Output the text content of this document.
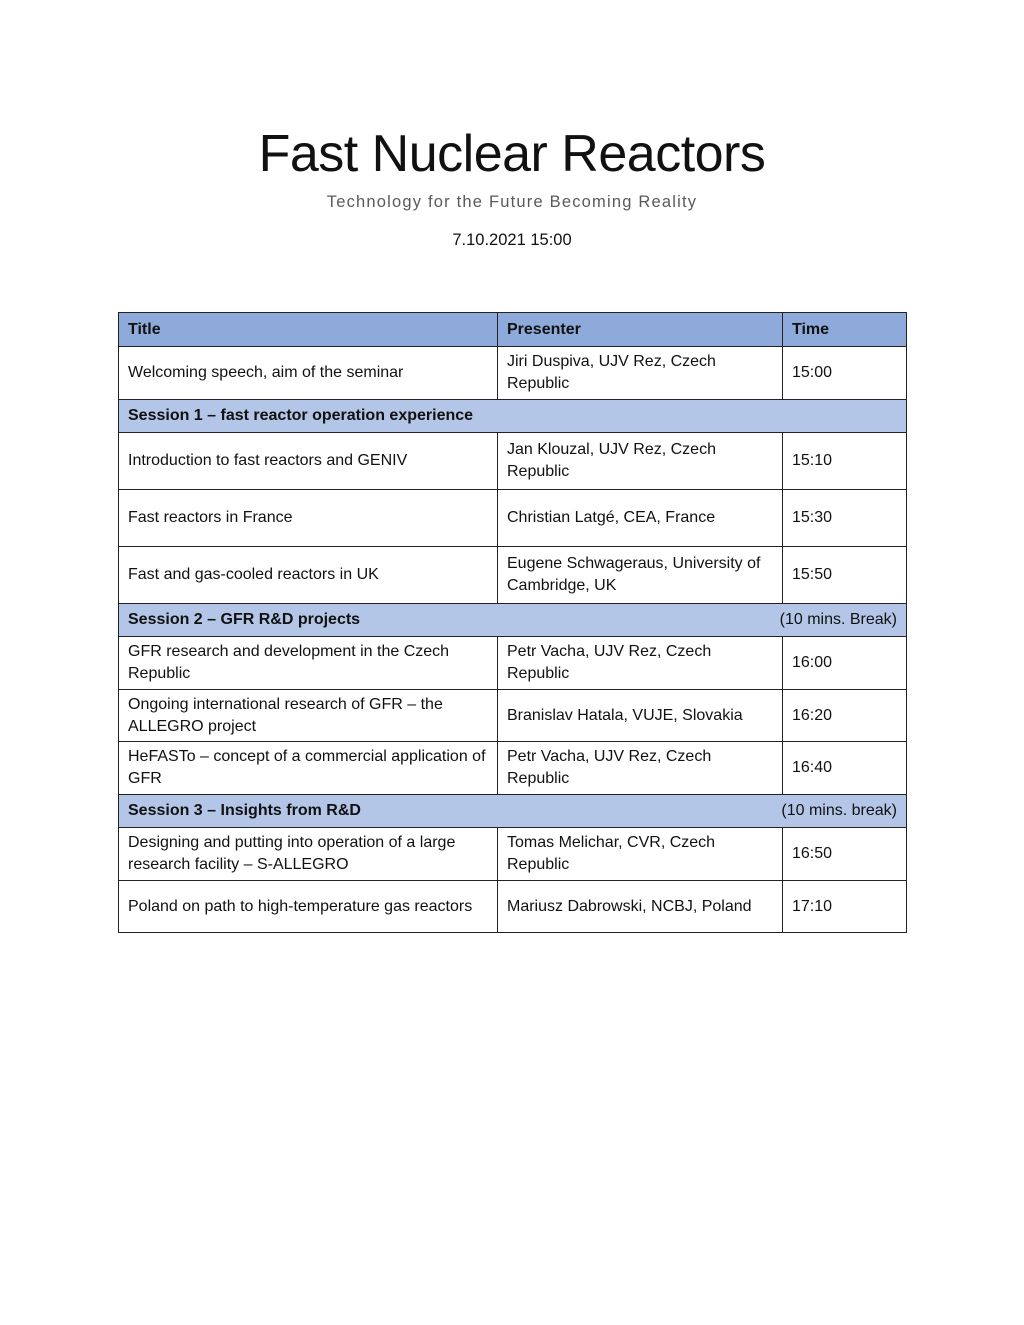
Fast Nuclear Reactors

Technology for the Future Becoming Reality

7.10.2021 15:00

Title	Presenter	Time
Welcoming speech, aim of the seminar	Jiri Duspiva, UJV Rez, Czech Republic	15:00
Session 1 – fast reactor operation experience		

Introduction to fast reactors and GENIV	Jan Klouzal, UJV Rez, Czech Republic	15:10
Fast reactors in France	Christian Latgé, CEA, France	15:30
Fast and gas-cooled reactors in UK	Eugene Schwageraus, University of Cambridge, UK	15:50
Session 2 – GFR R&D projects (10 mins. Break)		

GFR research and development in the Czech Republic	Petr Vacha, UJV Rez, Czech Republic	16:00
Ongoing international research of GFR – the ALLEGRO project	Branislav Hatala, VUJE, Slovakia	16:20
HeFASTo – concept of a commercial application of GFR	Petr Vacha, UJV Rez, Czech Republic	16:40
Session 3 – Insights from R&D (10 mins. break)		

Designing and putting into operation of a large research facility – S-ALLEGRO	Tomas Melichar, CVR, Czech Republic	16:50
Poland on path to high-temperature gas reactors	Mariusz Dabrowski, NCBJ, Poland	17:10
